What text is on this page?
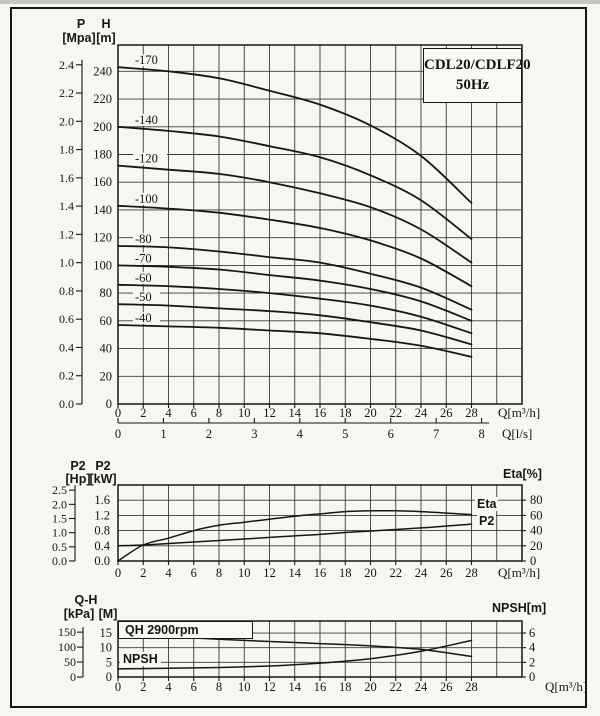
0 2 4 6 8 10 12 14 16 18 20 22 24 26 28 Q[m³/h]
240
220
200
180
160
140
120
100
80
60
40
20
0
2.4
2.2
2.0
1.8
1.6
1.4
1.2
1.0
0.8
0.6
0.4
0.2
0.0
P
[Mpa]
H
[m]
0	1	2	3	4	5	6	7	8 Q[l/s]
-170
-140
-120
-100
-80
-70
-60
-50
-40
0 2 4 6 8 10 12 14 16 18 20 22 24 26 28 Q[m³/h]
1.6
1.2
0.8
0.4
0.0
2.5
2.0
1.5
1.0
0.5
0.0
P2
[Hp]
P2
[kW]	Eta[%]
80
60
40
20
0
0 2 4 6 8 10 12 14 16 18 20 22 24 26 28	Q[m³/h]
15
10
5
0
150
100
50
0
Q-H
[kPa] [M]	NPSH[m]
6
4
2
0
CDL20/CDLF20
50Hz
Eta
P2
QH 2900rpm
NPSH
